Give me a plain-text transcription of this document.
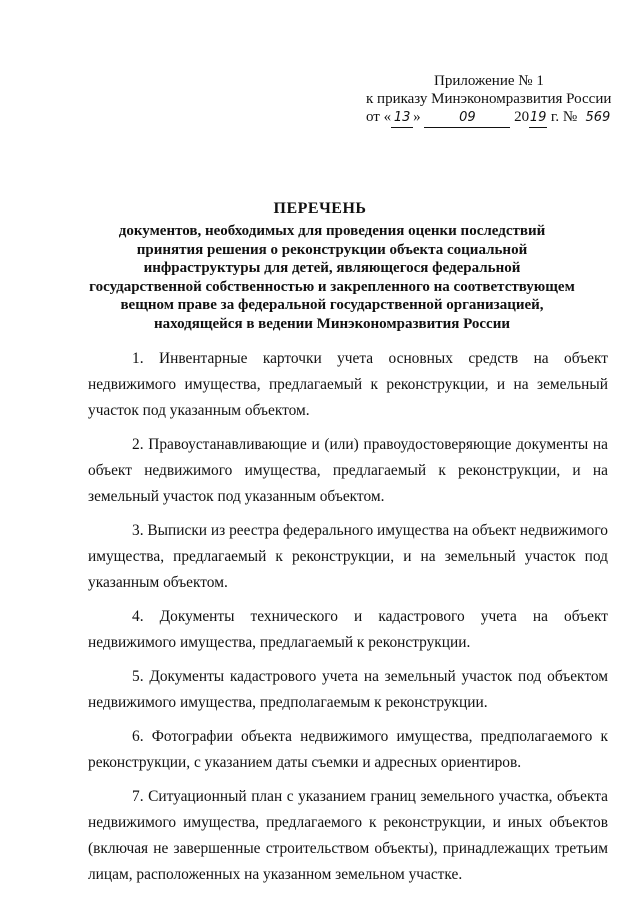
Приложение № 1
к приказу Минэкономразвития России
от « 13 »	09	2019 г. № 569
ПЕРЕЧЕНЬ
документов, необходимых для проведения оценки последствий принятия решения о реконструкции объекта социальной инфраструктуры для детей, являющегося федеральной государственной собственностью и закрепленного на соответствующем вещном праве за федеральной государственной организацией, находящейся в ведении Минэкономразвития России

1. Инвентарные карточки учета основных средств на объект недвижимого имущества, предлагаемый к реконструкции, и на земельный участок под указанным объектом.

2. Правоустанавливающие и (или) правоудостоверяющие документы на объект недвижимого имущества, предлагаемый к реконструкции, и на земельный участок под указанным объектом.

3. Выписки из реестра федерального имущества на объект недвижимого имущества, предлагаемый к реконструкции, и на земельный участок под указанным объектом.

4. Документы технического и кадастрового учета на объект недвижимого имущества, предлагаемый к реконструкции.

5. Документы кадастрового учета на земельный участок под объектом недвижимого имущества, предполагаемым к реконструкции.

6. Фотографии объекта недвижимого имущества, предполагаемого к реконструкции, с указанием даты съемки и адресных ориентиров.

7. Ситуационный план с указанием границ земельного участка, объекта недвижимого имущества, предлагаемого к реконструкции, и иных объектов (включая не завершенные строительством объекты), принадлежащих третьим лицам, расположенных на указанном земельном участке.
